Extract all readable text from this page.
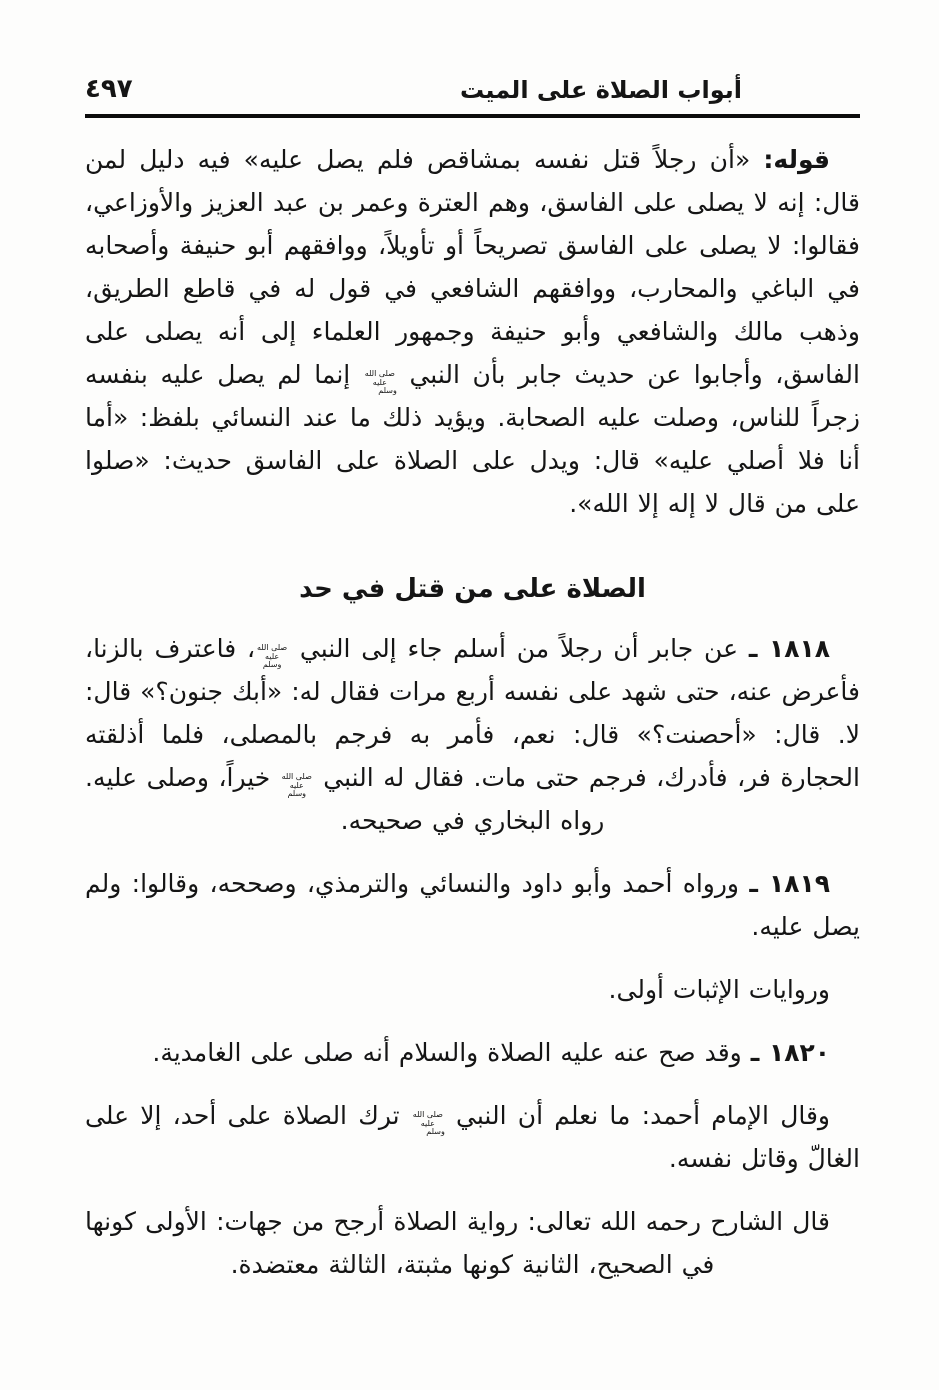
أبواب الصلاة على الميت
٤٩٧

قوله: «أن رجلاً قتل نفسه بمشاقص فلم يصل عليه» فيه دليل لمن قال: إنه لا يصلى على الفاسق، وهم العترة وعمر بن عبد العزيز والأوزاعي، فقالوا: لا يصلى على الفاسق تصريحاً أو تأويلاً، ووافقهم أبو حنيفة وأصحابه في الباغي والمحارب، ووافقهم الشافعي في قول له في قاطع الطريق، وذهب مالك والشافعي وأبو حنيفة وجمهور العلماء إلى أنه يصلى على الفاسق، وأجابوا عن حديث جابر بأن النبي صلى الله عليه وسلم إنما لم يصل عليه بنفسه زجراً للناس، وصلت عليه الصحابة. ويؤيد ذلك ما عند النسائي بلفظ: «أما أنا فلا أصلي عليه» قال: ويدل على الصلاة على الفاسق حديث: «صلوا على من قال لا إله إلا الله».

الصلاة على من قتل في حد

١٨١٨ ـ عن جابر أن رجلاً من أسلم جاء إلى النبي صلى الله عليه وسلم، فاعترف بالزنا، فأعرض عنه، حتى شهد على نفسه أربع مرات فقال له: «أبك جنون؟» قال: لا. قال: «أحصنت؟» قال: نعم، فأمر به فرجم بالمصلى، فلما أذلقته الحجارة فر، فأدرك، فرجم حتى مات. فقال له النبي صلى الله عليه وسلم خيراً، وصلى عليه. رواه البخاري في صحيحه.

١٨١٩ ـ ورواه أحمد وأبو داود والنسائي والترمذي، وصححه، وقالوا: ولم يصل عليه.

وروايات الإثبات أولى.

١٨٢٠ ـ وقد صح عنه عليه الصلاة والسلام أنه صلى على الغامدية.

وقال الإمام أحمد: ما نعلم أن النبي صلى الله عليه وسلم ترك الصلاة على أحد، إلا على الغالّ وقاتل نفسه.

قال الشارح رحمه الله تعالى: رواية الصلاة أرجح من جهات: الأولى كونها في الصحيح، الثانية كونها مثبتة، الثالثة معتضدة.
